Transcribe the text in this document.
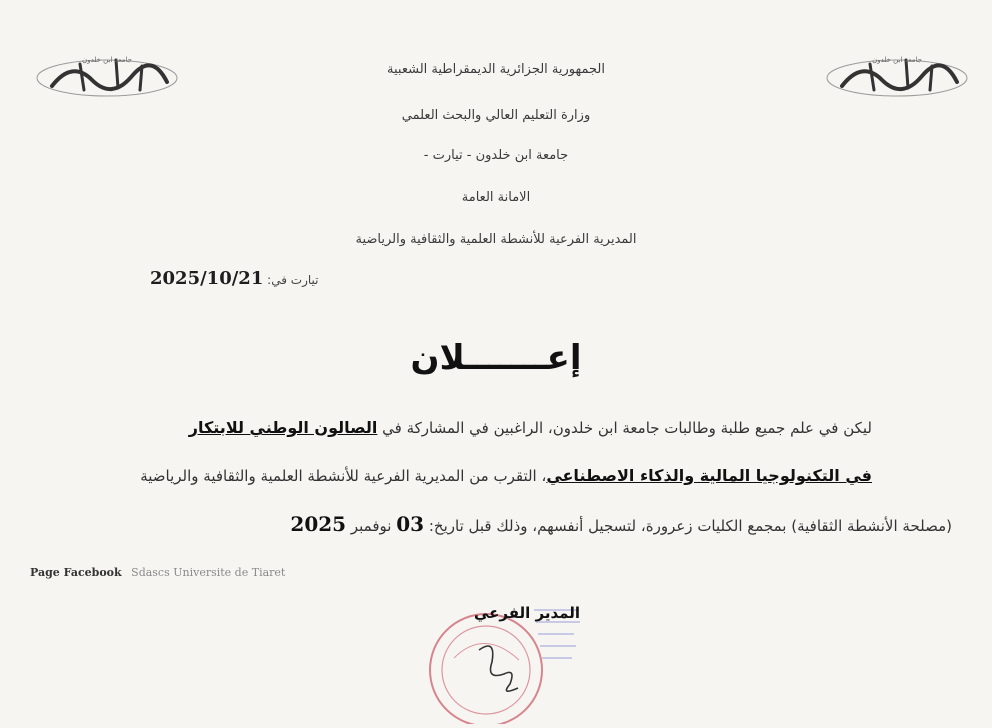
جامعة ابن خلدون	جامعة ابن خلدون
الجمهورية الجزائرية الديمقراطية الشعبية
وزارة التعليم العالي والبحث العلمي
جامعة ابن خلدون - تيارت -
الامانة العامة
المديرية الفرعية للأنشطة العلمية والثقافية والرياضية
تيارت في: 2025/10/21
إعـــــــلان
ليكن في علم جميع طلبة وطالبات جامعة ابن خلدون، الراغبين في المشاركة في الصالون الوطني للابتكار
في التكنولوجيا المالية والذكاء الاصطناعي، التقرب من المديرية الفرعية للأنشطة العلمية والثقافية والرياضية
(مصلحة الأنشطة الثقافية) بمجمع الكليات زعرورة، لتسجيل أنفسهم، وذلك قبل تاريخ: 03 نوفمبر 2025
Page Facebook Sdascs Universite de Tiaret
المدير الفرعي
